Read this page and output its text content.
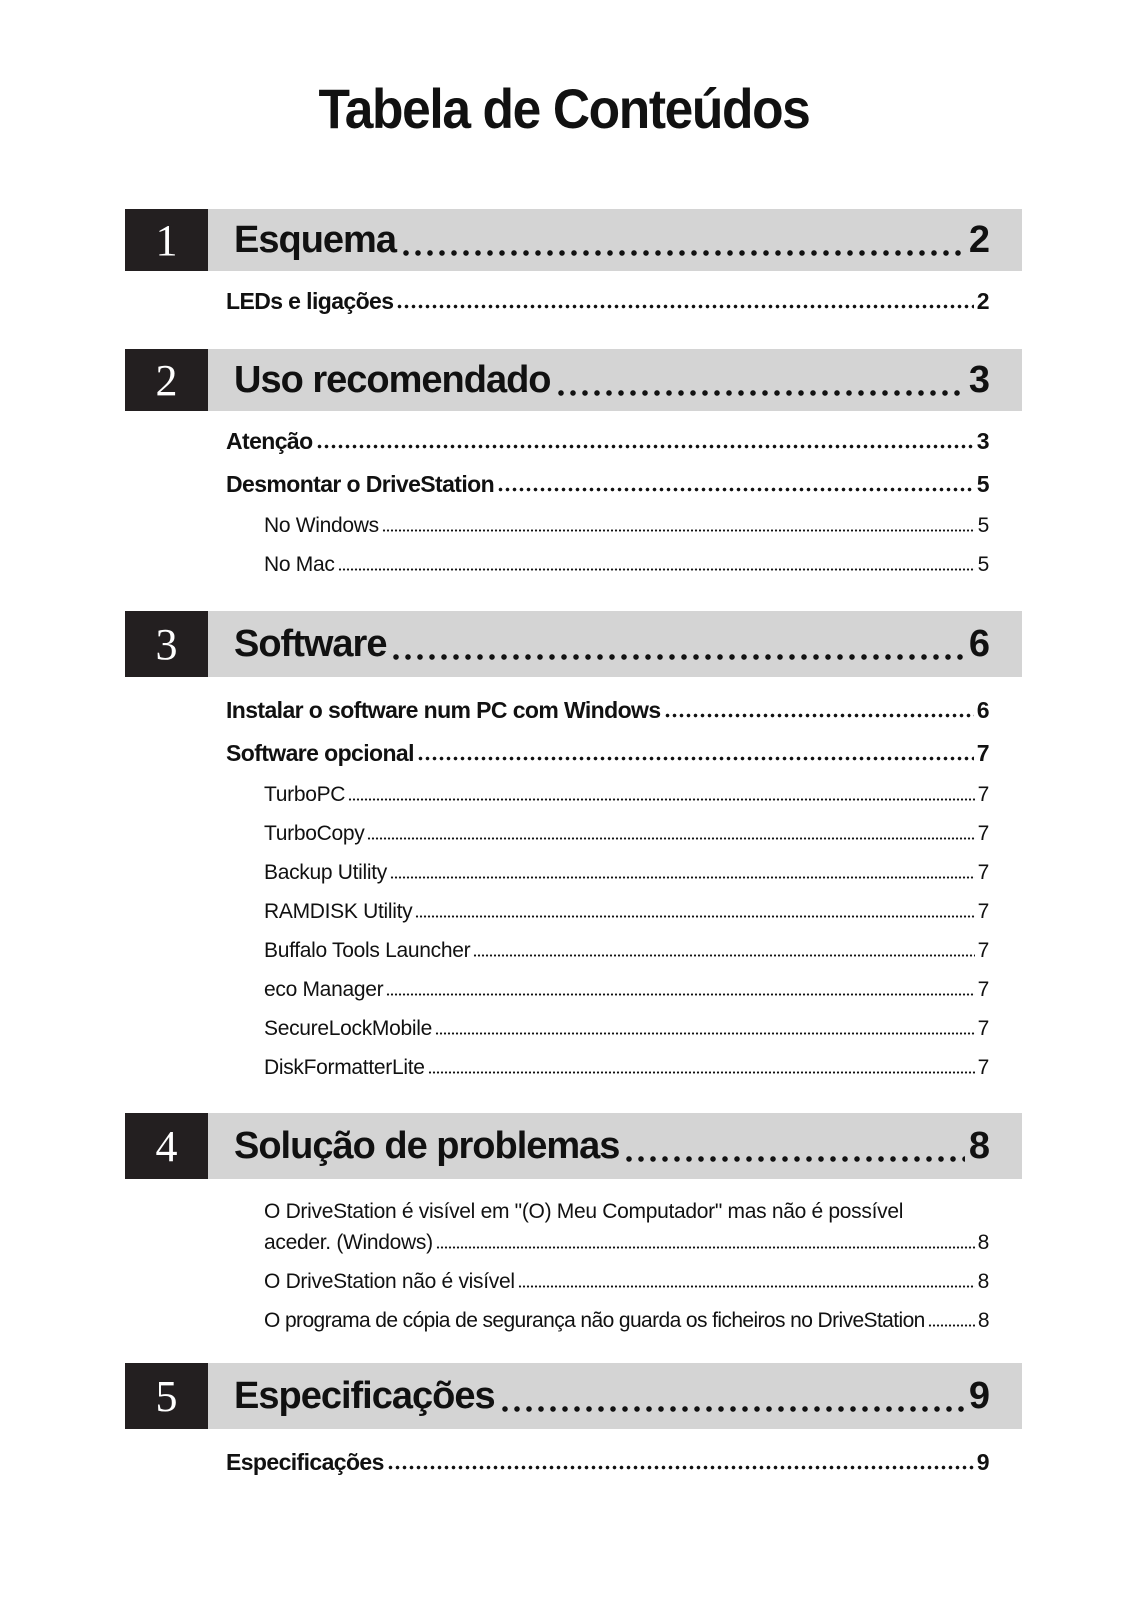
Tabela de Conteúdos
1	Esquema	2
LEDs e ligações	2
2	Uso recomendado	3
Atenção	3
Desmontar o DriveStation	5
No Windows	5
No Mac	5
3	Software	6
Instalar o software num PC com Windows	6
Software opcional	7
TurboPC	7
TurboCopy	7
Backup Utility	7
RAMDISK Utility	7
Buffalo Tools Launcher	7
eco Manager	7
SecureLockMobile	7
DiskFormatterLite	7
4	Solução de problemas	8
O DriveStation é visível em "(O) Meu Computador" mas não é possível
aceder. (Windows)	8
O DriveStation não é visível	8
O programa de cópia de segurança não guarda os ficheiros no DriveStation	8
5	Especificações	9
Especificações	9
